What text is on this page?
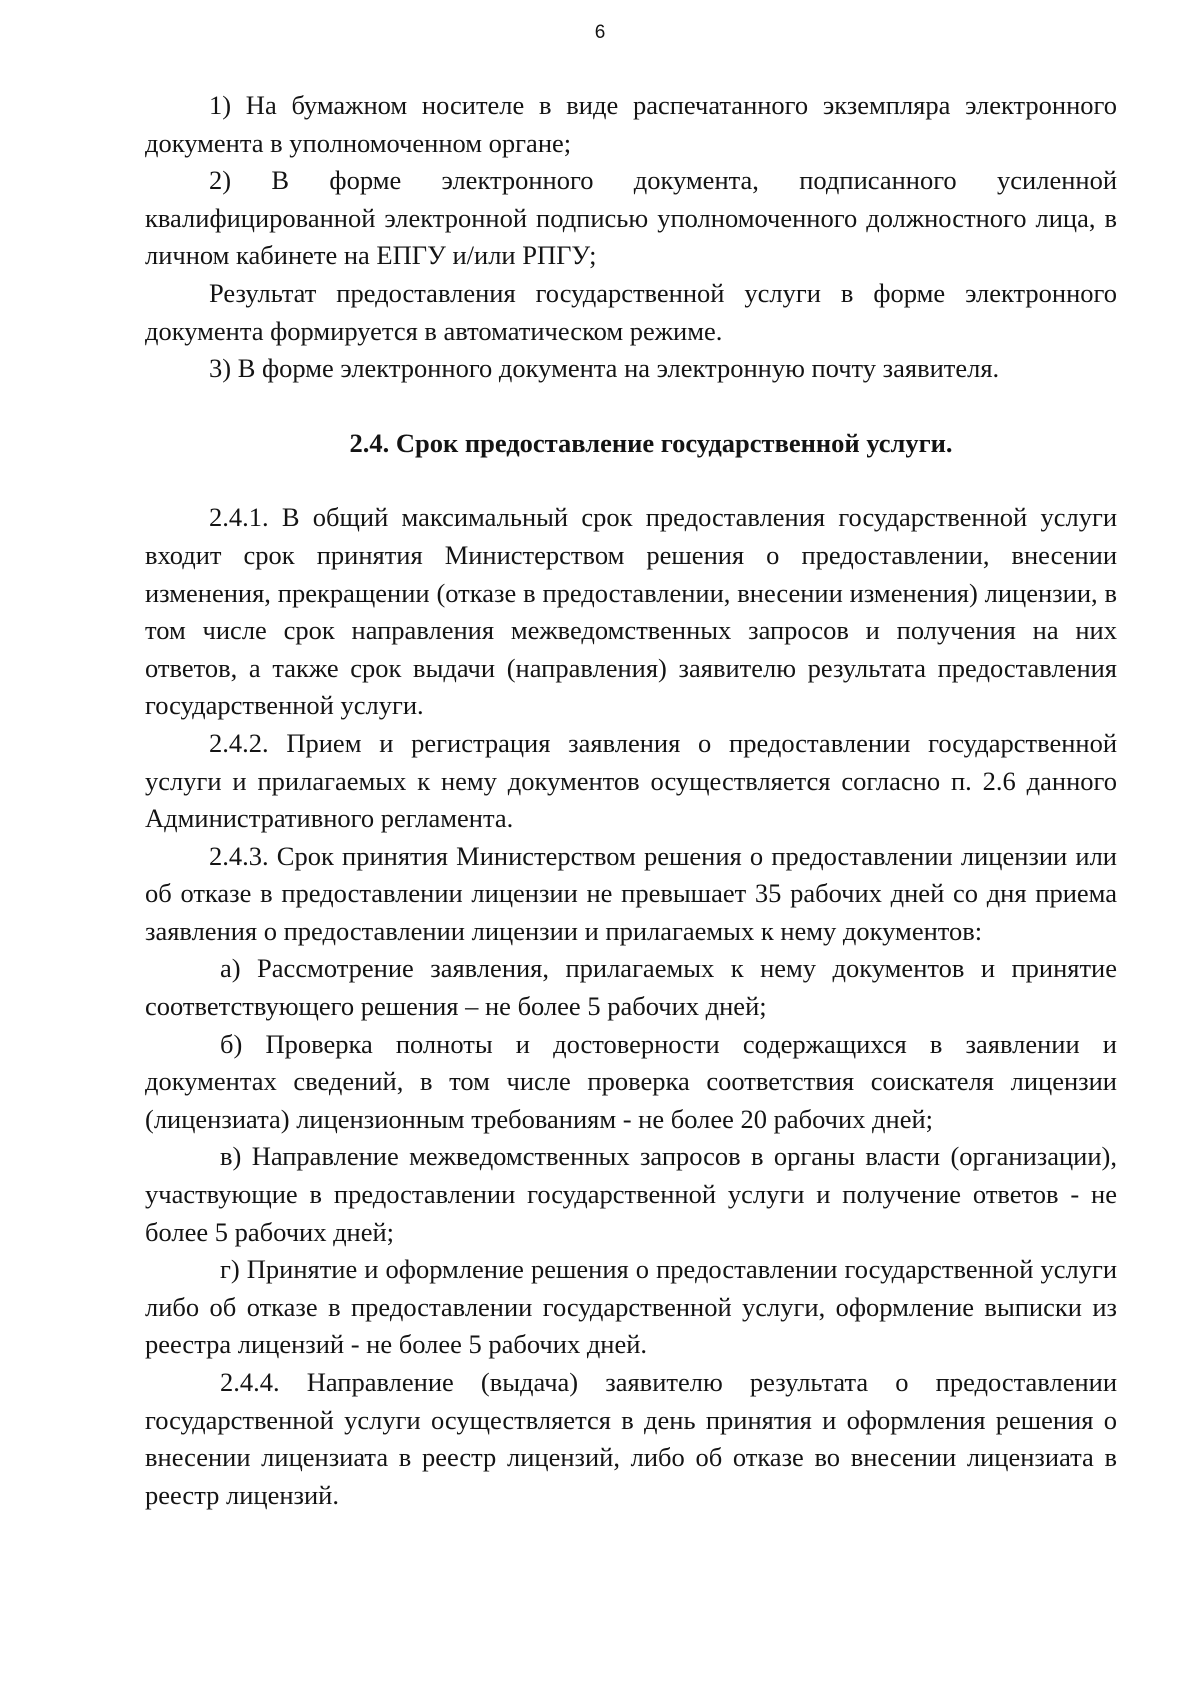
6

1) На бумажном носителе в виде распечатанного экземпляра электронного документа в уполномоченном органе;

2) В форме электронного документа, подписанного усиленной квалифицированной электронной подписью уполномоченного должностного лица, в личном кабинете на ЕПГУ и/или РПГУ;

Результат предоставления государственной услуги в форме электронного документа формируется в автоматическом режиме.

3) В форме электронного документа на электронную почту заявителя.

2.4. Срок предоставление государственной услуги.

2.4.1. В общий максимальный срок предоставления государственной услуги входит срок принятия Министерством решения о предоставлении, внесении изменения, прекращении (отказе в предоставлении, внесении изменения) лицензии, в том числе срок направления межведомственных запросов и получения на них ответов, а также срок выдачи (направления) заявителю результата предоставления государственной услуги.

2.4.2. Прием и регистрация заявления о предоставлении государственной услуги и прилагаемых к нему документов осуществляется согласно п. 2.6 данного Административного регламента.

2.4.3. Срок принятия Министерством решения о предоставлении лицензии или об отказе в предоставлении лицензии не превышает 35 рабочих дней со дня приема заявления о предоставлении лицензии и прилагаемых к нему документов:

а) Рассмотрение заявления, прилагаемых к нему документов и принятие соответствующего решения – не более 5 рабочих дней;

б) Проверка полноты и достоверности содержащихся в заявлении и документах сведений, в том числе проверка соответствия соискателя лицензии (лицензиата) лицензионным требованиям - не более 20 рабочих дней;

в) Направление межведомственных запросов в органы власти (организации), участвующие в предоставлении государственной услуги и получение ответов - не более 5 рабочих дней;

г) Принятие и оформление решения о предоставлении государственной услуги либо об отказе в предоставлении государственной услуги, оформление выписки из реестра лицензий - не более 5 рабочих дней.

2.4.4. Направление (выдача) заявителю результата о предоставлении государственной услуги осуществляется в день принятия и оформления решения о внесении лицензиата в реестр лицензий, либо об отказе во внесении лицензиата в реестр лицензий.
